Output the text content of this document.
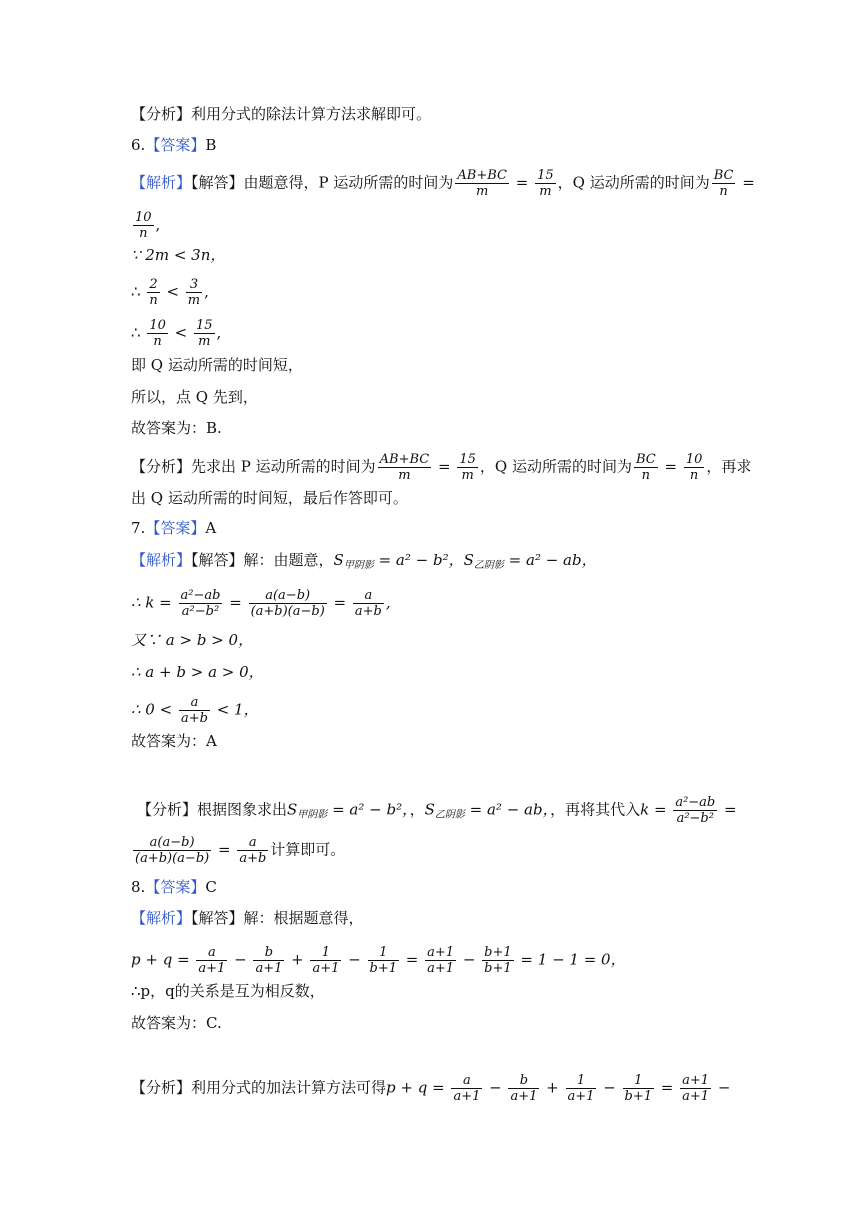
【分析】利用分式的除法计算方法求解即可。
6.【答案】B
【解析】【解答】由题意得，P 运动所需的时间为 $\frac{AB+BC}{m} = \frac{15}{m}$ ，Q 运动所需的时间为 $\frac{BC}{n}$ =
$\frac{10}{n}$ ,
∵ 2m < 3n，
∴ $\frac{2}{n} < \frac{3}{m}$ ,
∴ $\frac{10}{n} < \frac{15}{m}$ ,
即 Q 运动所需的时间短，
所以，点 Q 先到，
故答案为：B.
【分析】先求出 P 运动所需的时间为 $\frac{AB+BC}{m} = \frac{15}{m}$ ，Q 运动所需的时间为 $\frac{BC}{n} = \frac{10}{n}$ ，再求
出 Q 运动所需的时间短，最后作答即可。
7.【答案】A
【解析】【解答】解：由题意，$S_{甲阴影} = a^2 - b^2$，$S_{乙阴影} = a^2$ − ab，
∴ $k = \frac{\text{a²−ab}}{\text{a²−b²}} = \frac{a(a-b)}{(a+b)(a-b)} = \frac{a}{a+b}$ ,
又∵ a > b > 0，
∴ a + b > a > 0，
∴ $0 < \frac{a}{a+b} < 1$，
故答案为：A
【分析】根据图象求出$S_{甲阴影} = a^2 - b^2$，，$S_{乙阴影} = a^2$ − ab，，再将其代入$k = \frac{\text{a²−ab}}{\text{a²−b²}}$ =
$\frac{a(a-b)}{(a+b)(a-b)} = \frac{a}{a+b}$ 计算即可。
8.【答案】C
【解析】【解答】解：根据题意得，
$p + q = \frac{a}{a+1} - \frac{b}{a+1} + \frac{1}{a+1} - \frac{1}{b+1} = \frac{a+1}{a+1} - \frac{b+1}{b+1} = 1 - 1 = 0$，
∴p，q的关系是互为相反数，
故答案为：C.
【分析】利用分式的加法计算方法可得$p + q = \frac{a}{a+1} - \frac{b}{a+1} + \frac{1}{a+1} - \frac{1}{b+1} = \frac{a+1}{a+1}$ −
